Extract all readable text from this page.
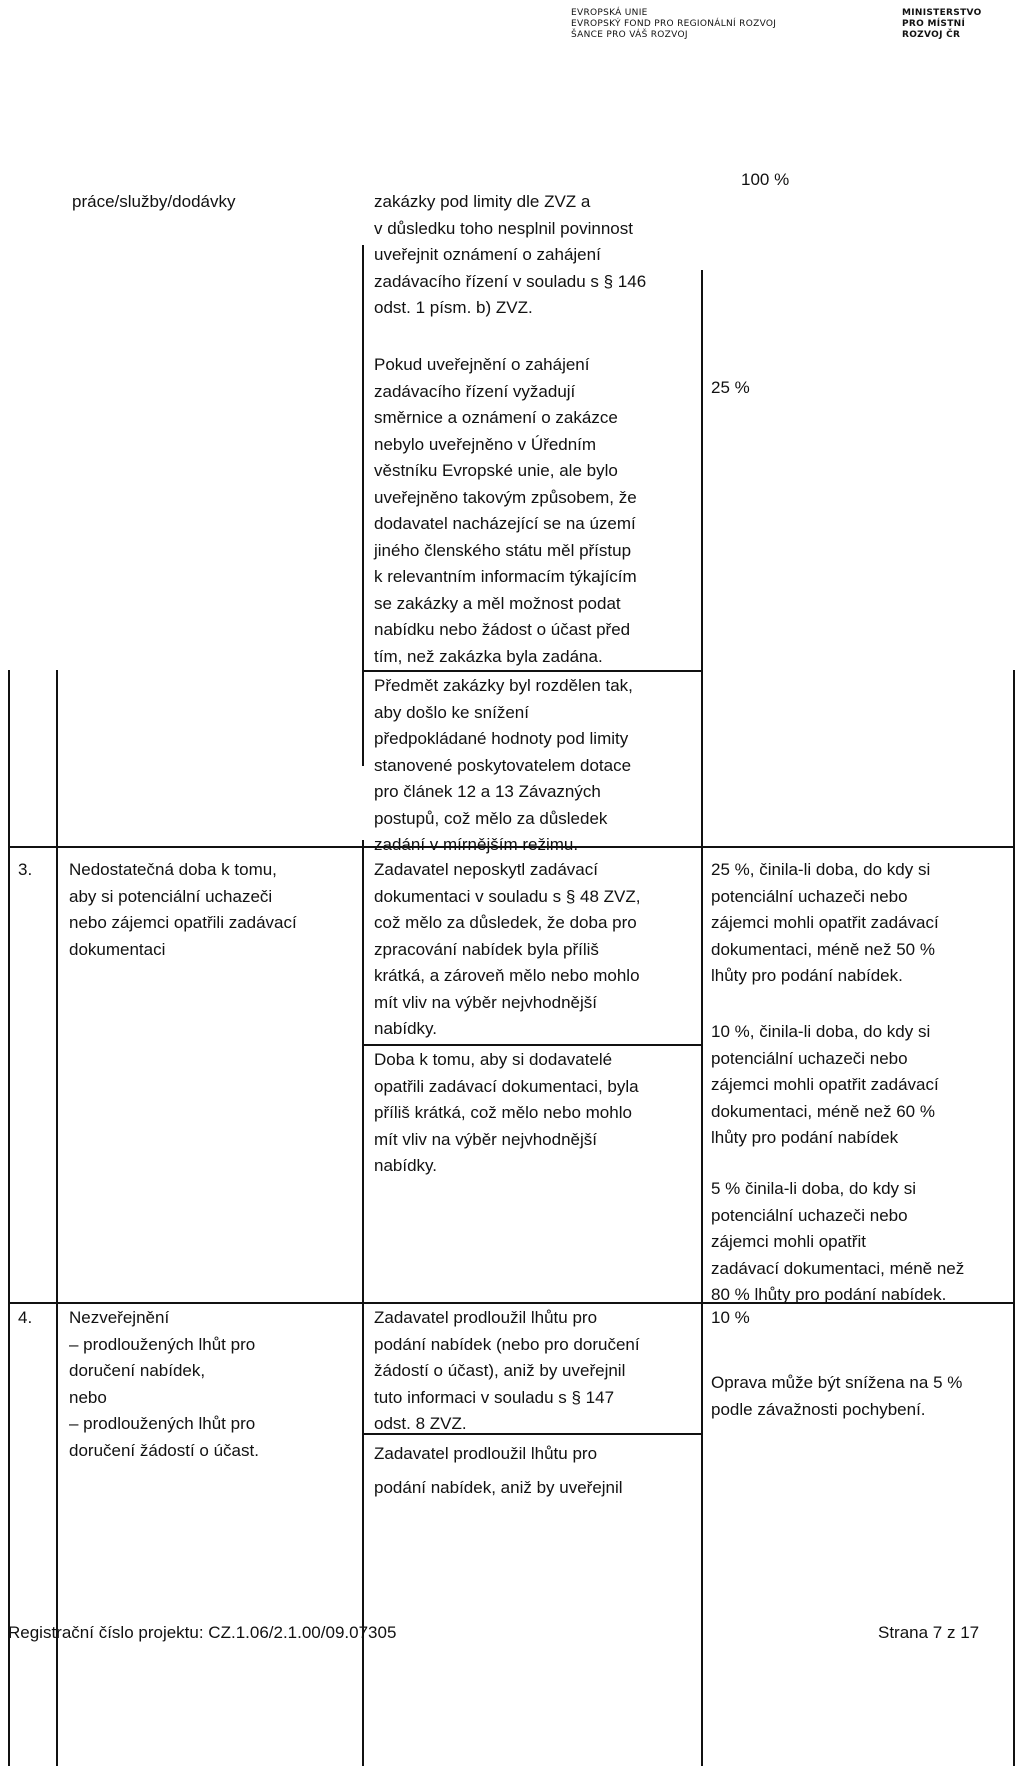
EVROPSKÁ UNIE
EVROPSKÝ FOND PRO REGIONÁLNÍ ROZVOJ
ŠANCE PRO VÁŠ ROZVOJ
MINISTERSTVO
PRO MÍSTNÍ
ROZVOJ ČR
práce/služby/dodávky	zakázky pod limity dle ZVZ a
v důsledku toho nesplnil povinnost
uveřejnit oznámení o zahájení
zadávacího řízení v souladu s § 146
odst. 1 písm. b) ZVZ.
100 %
Pokud uveřejnění o zahájení
zadávacího řízení vyžadují
směrnice a oznámení o zakázce
nebylo uveřejněno v Úředním
věstníku Evropské unie, ale bylo
uveřejněno takovým způsobem, že
dodavatel nacházející se na území
jiného členského státu měl přístup
k relevantním informacím týkajícím
se zakázky a měl možnost podat
nabídku nebo žádost o účast před
tím, než zakázka byla zadána.
25 %
Předmět zakázky byl rozdělen tak,
aby došlo ke snížení
předpokládané hodnoty pod limity
stanovené poskytovatelem dotace
pro článek 12 a 13 Závazných
postupů, což mělo za důsledek
zadání v mírnějším režimu.
3. Nedostatečná doba k tomu,
aby si potenciální uchazeči
nebo zájemci opatřili zadávací
dokumentaci
Zadavatel neposkytl zadávací
dokumentaci v souladu s § 48 ZVZ,
což mělo za důsledek, že doba pro
zpracování nabídek byla příliš
krátká, a zároveň mělo nebo mohlo
mít vliv na výběr nejvhodnější
nabídky.
Doba k tomu, aby si dodavatelé
opatřili zadávací dokumentaci, byla
příliš krátká, což mělo nebo mohlo
mít vliv na výběr nejvhodnější
nabídky.
25 %, činila-li doba, do kdy si
potenciální uchazeči nebo
zájemci mohli opatřit zadávací
dokumentaci, méně než 50 %
lhůty pro podání nabídek.
10 %, činila-li doba, do kdy si
potenciální uchazeči nebo
zájemci mohli opatřit zadávací
dokumentaci, méně než 60 %
lhůty pro podání nabídek
5 % činila-li doba, do kdy si
potenciální uchazeči nebo
zájemci mohli opatřit
zadávací dokumentaci, méně než
80 % lhůty pro podání nabídek.
4. Nezveřejnění
– prodloužených lhůt pro
doručení nabídek,
nebo
– prodloužených lhůt pro
doručení žádostí o účast.
Zadavatel prodloužil lhůtu pro
podání nabídek (nebo pro doručení
žádostí o účast), aniž by uveřejnil
tuto informaci v souladu s § 147
odst. 8 ZVZ.
Zadavatel prodloužil lhůtu pro
podání nabídek, aniž by uveřejnil
10 %
Oprava může být snížena na 5 %
podle závažnosti pochybení.
Registrační číslo projektu: CZ.1.06/2.1.00/09.07305	Strana 7 z 17
